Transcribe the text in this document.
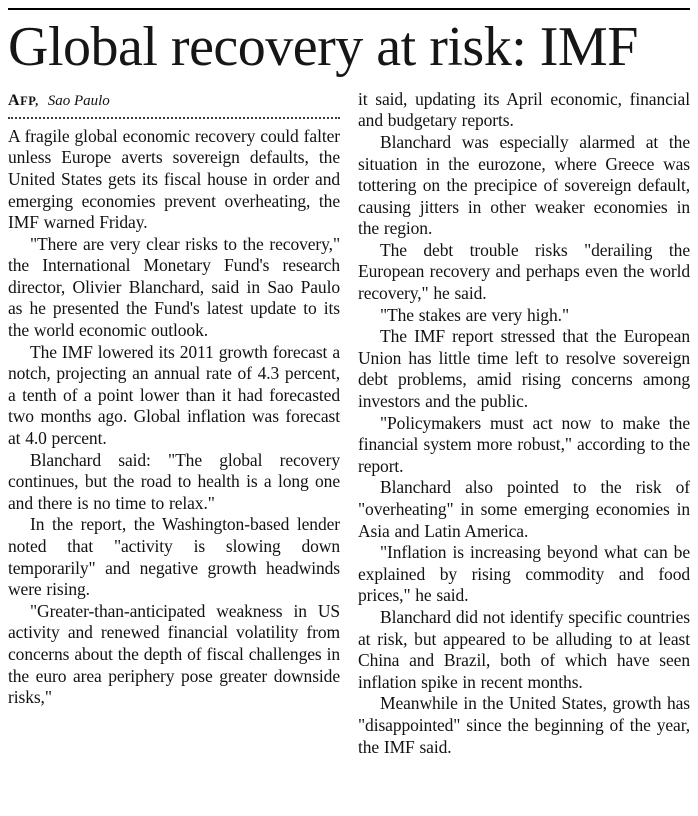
Global recovery at risk: IMF
AFP, Sao Paulo

A fragile global economic recovery could falter unless Europe averts sovereign defaults, the United States gets its fiscal house in order and emerging economies prevent overheating, the IMF warned Friday.

"There are very clear risks to the recovery," the International Monetary Fund's research director, Olivier Blanchard, said in Sao Paulo as he presented the Fund's latest update to its the world economic outlook.

The IMF lowered its 2011 growth forecast a notch, projecting an annual rate of 4.3 percent, a tenth of a point lower than it had forecasted two months ago. Global inflation was forecast at 4.0 percent.

Blanchard said: "The global recovery continues, but the road to health is a long one and there is no time to relax."

In the report, the Washington-based lender noted that "activity is slowing down temporarily" and negative growth headwinds were rising.

"Greater-than-anticipated weakness in US activity and renewed financial volatility from concerns about the depth of fiscal challenges in the euro area periphery pose greater downside risks,"

it said, updating its April economic, financial and budgetary reports.

Blanchard was especially alarmed at the situation in the eurozone, where Greece was tottering on the precipice of sovereign default, causing jitters in other weaker economies in the region.

The debt trouble risks "derailing the European recovery and perhaps even the world recovery," he said.

"The stakes are very high."

The IMF report stressed that the European Union has little time left to resolve sovereign debt problems, amid rising concerns among investors and the public.

"Policymakers must act now to make the financial system more robust," according to the report.

Blanchard also pointed to the risk of "overheating" in some emerging economies in Asia and Latin America.

"Inflation is increasing beyond what can be explained by rising commodity and food prices," he said.

Blanchard did not identify specific countries at risk, but appeared to be alluding to at least China and Brazil, both of which have seen inflation spike in recent months.

Meanwhile in the United States, growth has "disappointed" since the beginning of the year, the IMF said.
